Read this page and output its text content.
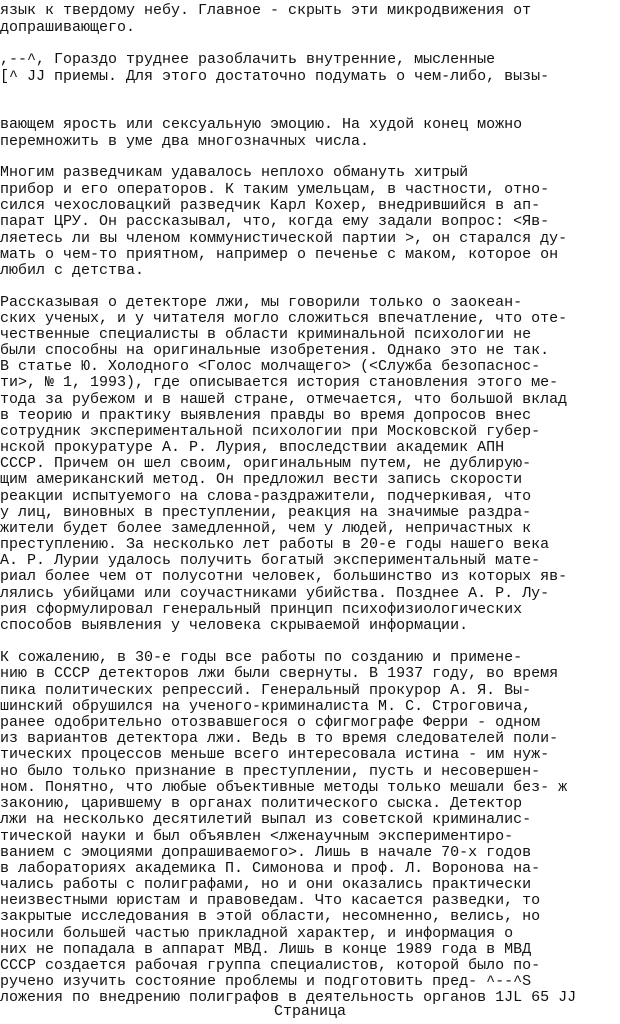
язык к твердому небу. Главное - скрыть эти микродвижения от
допрашивающего.
,--^, Гораздо труднее разоблачить внутренние, мысленные
[^ JJ приемы. Для этого достаточно подумать о чем-либо, вызы-
вающем ярость или сексуальную эмоцию. На худой конец можно
перемножить в уме два многозначных числа.
Многим разведчикам удавалось неплохо обмануть хитрый
прибор и его операторов. К таким умельцам, в частности, отно-
сился чехословацкий разведчик Карл Кохер, внедрившийся в ап-
парат ЦРУ. Он рассказывал, что, когда ему задали вопрос: <Яв-
ляетесь ли вы членом коммунистической партии >, он старался ду-
мать о чем-то приятном, например о печенье с маком, которое он
любил с детства.
Рассказывая о детекторе лжи, мы говорили только о заокеан-
ских ученых, и у читателя могло сложиться впечатление, что оте-
чественные специалисты в области криминальной психологии не
были способны на оригинальные изобретения. Однако это не так.
В статье Ю. Холодного <Голос молчащего> (<Служба безопаснос-
ти>, № 1, 1993), где описывается история становления этого ме-
тода за рубежом и в нашей стране, отмечается, что большой вклад
в теорию и практику выявления правды во время допросов внес
сотрудник экспериментальной психологии при Московской губер-
нской прокуратуре А. Р. Лурия, впоследствии академик АПН
СССР. Причем он шел своим, оригинальным путем, не дублирую-
щим американский метод. Он предложил вести запись скорости
реакции испытуемого на слова-раздражители, подчеркивая, что
у лиц, виновных в преступлении, реакция на значимые раздра-
жители будет более замедленной, чем у людей, непричастных к
преступлению. За несколько лет работы в 20-е годы нашего века
А. Р. Лурии удалось получить богатый экспериментальный мате-
риал более чем от полусотни человек, большинство из которых яв-
лялись убийцами или соучастниками убийства. Позднее А. Р. Лу-
рия сформулировал генеральный принцип психофизиологических
способов выявления у человека скрываемой информации.
К сожалению, в 30-е годы все работы по созданию и примене-
нию в СССР детекторов лжи были свернуты. В 1937 году, во время
пика политических репрессий. Генеральный прокурор А. Я. Вы-
шинский обрушился на ученого-криминалиста М. С. Строговича,
ранее одобрительно отозвавшегося о сфигмографе Ферри - одном
из вариантов детектора лжи. Ведь в то время следователей поли-
тических процессов меньше всего интересовала истина - им нуж-
но было только признание в преступлении, пусть и несовершен-
ном. Понятно, что любые объективные методы только мешали без- ж
законию, царившему в органах политического сыска. Детектор
лжи на несколько десятилетий выпал из советской криминалис-
тической науки и был объявлен <лженаучным экспериментиро-
ванием с эмоциями допрашиваемого>. Лишь в начале 70-х годов
в лабораториях академика П. Симонова и проф. Л. Воронова на-
чались работы с полиграфами, но и они оказались практически
неизвестными юристам и правоведам. Что касается разведки, то
закрытые исследования в этой области, несомненно, велись, но
носили большей частью прикладной характер, и информация о
них не попадала в аппарат МВД. Лишь в конце 1989 года в МВД
СССР создается рабочая группа специалистов, которой было по-
ручено изучить состояние проблемы и подготовить пред- ^--^S
ложения по внедрению полиграфов в деятельность органов 1JL 65 JJ
Страница
